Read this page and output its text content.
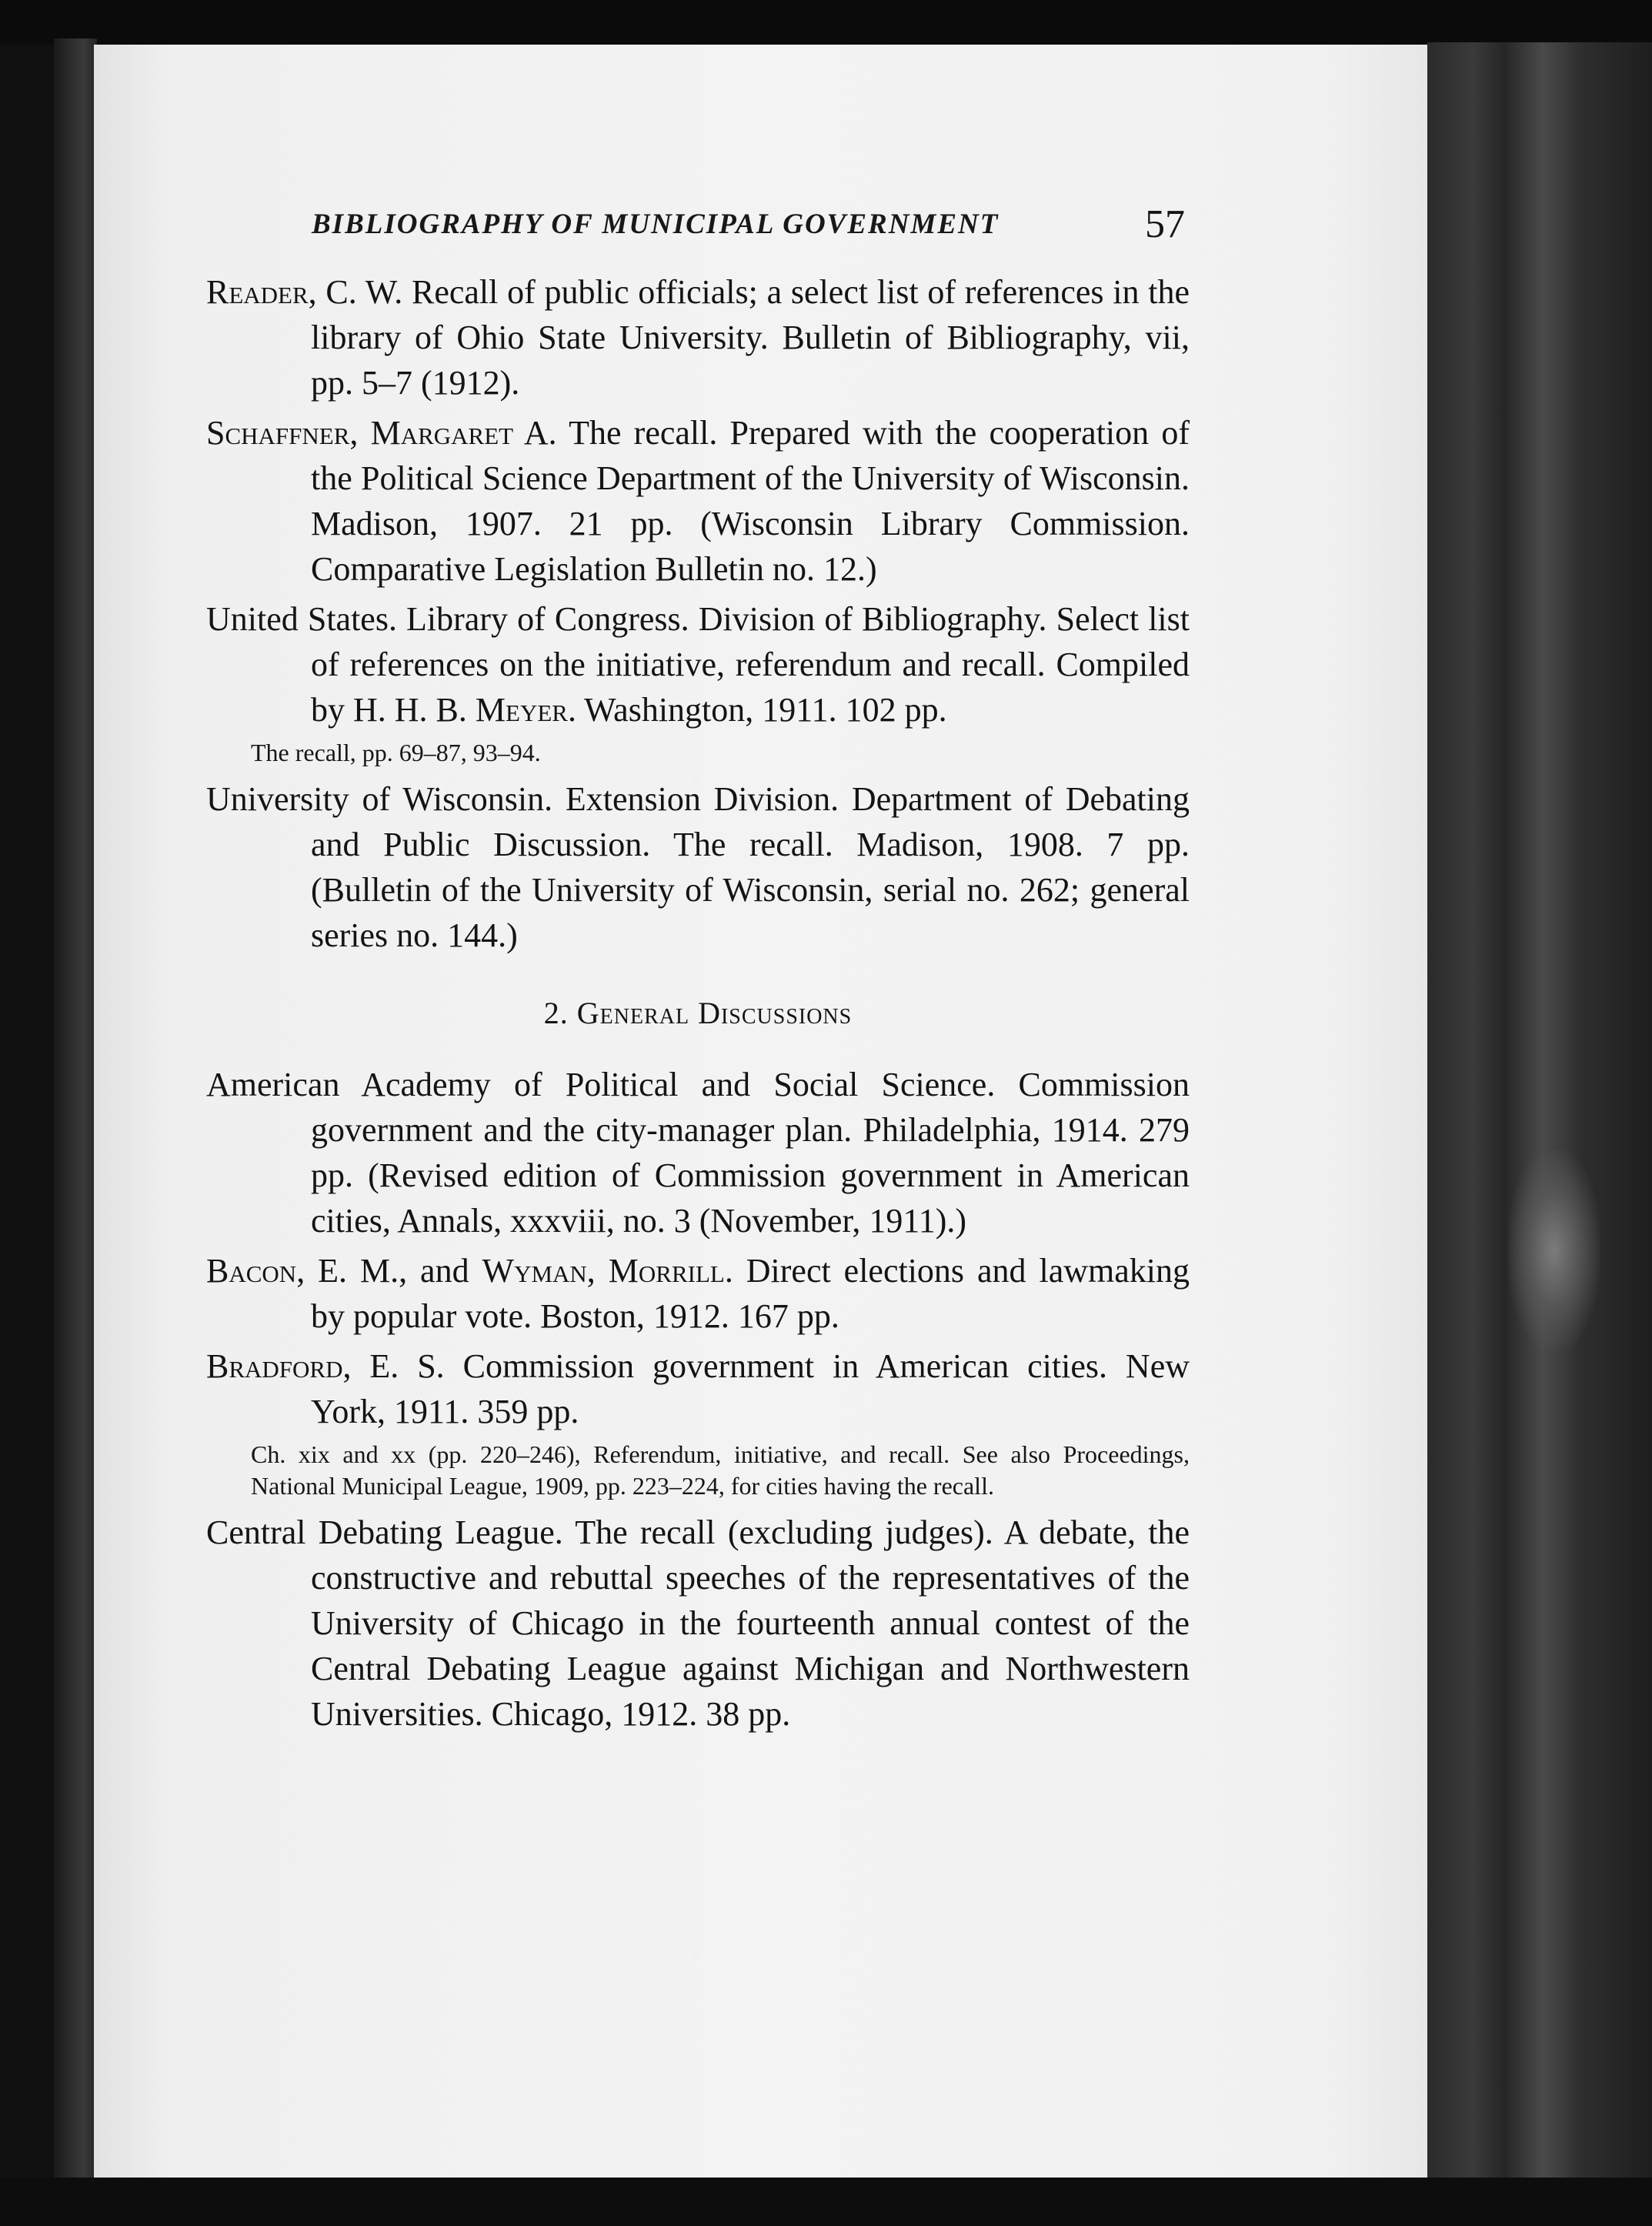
BIBLIOGRAPHY OF MUNICIPAL GOVERNMENT	57

Reader, C. W. Recall of public officials; a select list of references in the library of Ohio State University. Bulletin of Bibliography, vii, pp. 5–7 (1912).

Schaffner, Margaret A. The recall. Prepared with the cooperation of the Political Science Department of the University of Wisconsin. Madison, 1907. 21 pp. (Wisconsin Library Commission. Comparative Legislation Bulletin no. 12.)

United States. Library of Congress. Division of Bibliography. Select list of references on the initiative, referendum and recall. Compiled by H. H. B. Meyer. Washington, 1911. 102 pp.

The recall, pp. 69–87, 93–94.

University of Wisconsin. Extension Division. Department of Debating and Public Discussion. The recall. Madison, 1908. 7 pp. (Bulletin of the University of Wisconsin, serial no. 262; general series no. 144.)

2. General Discussions

American Academy of Political and Social Science. Commission government and the city-manager plan. Philadelphia, 1914. 279 pp. (Revised edition of Commission government in American cities, Annals, xxxviii, no. 3 (November, 1911).)

Bacon, E. M., and Wyman, Morrill. Direct elections and lawmaking by popular vote. Boston, 1912. 167 pp.

Bradford, E. S. Commission government in American cities. New York, 1911. 359 pp.

Ch. xix and xx (pp. 220–246), Referendum, initiative, and recall. See also Proceedings, National Municipal League, 1909, pp. 223–224, for cities having the recall.

Central Debating League. The recall (excluding judges). A debate, the constructive and rebuttal speeches of the representatives of the University of Chicago in the fourteenth annual contest of the Central Debating League against Michigan and Northwestern Universities. Chicago, 1912. 38 pp.
